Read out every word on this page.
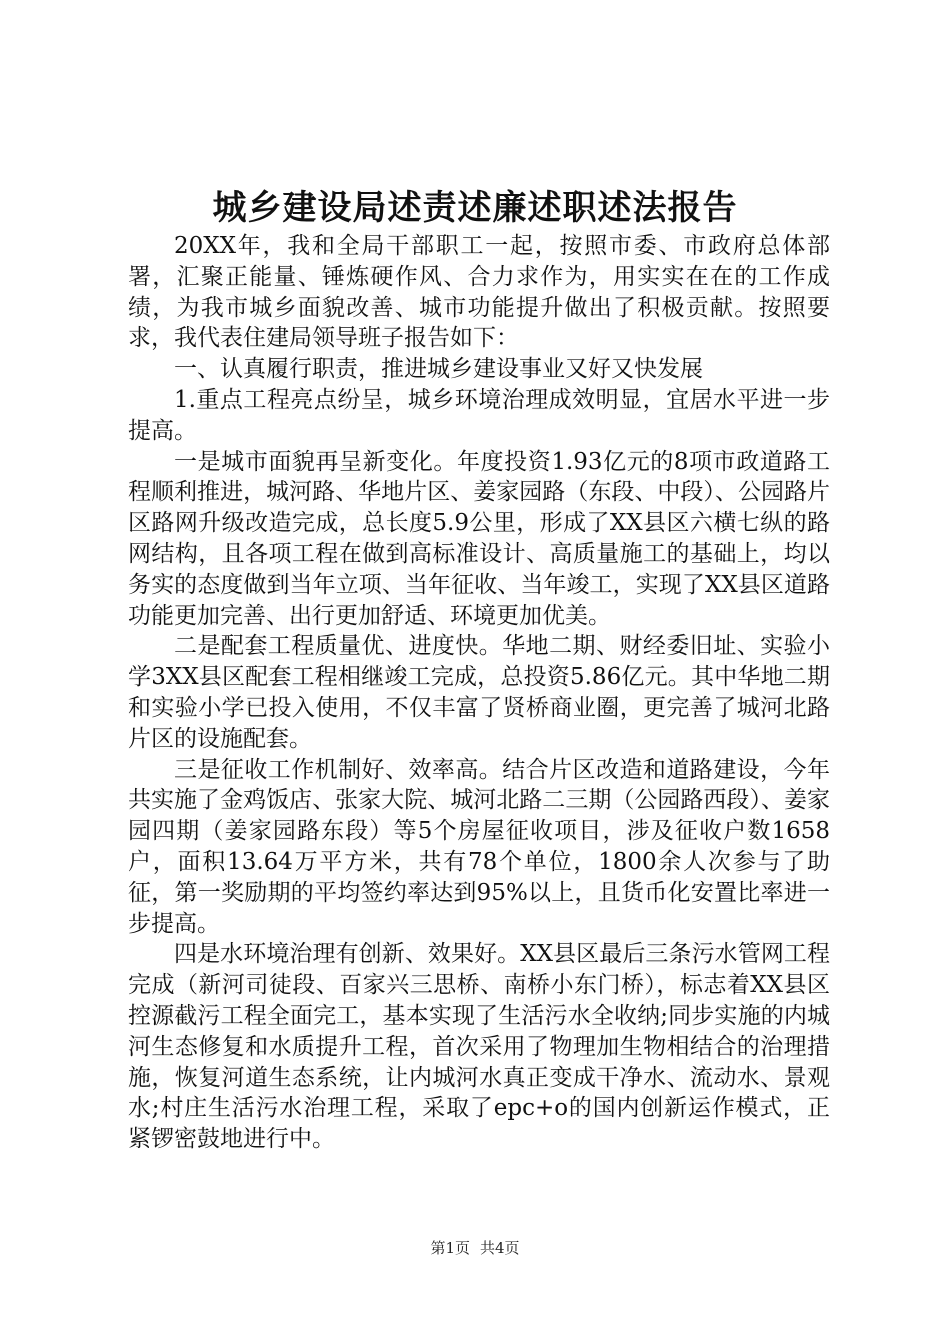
城乡建设局述责述廉述职述法报告

20XX年，我和全局干部职工一起，按照市委、市政府总体部署，汇聚正能量、锤炼硬作风、合力求作为，用实实在在的工作成绩，为我市城乡面貌改善、城市功能提升做出了积极贡献。按照要求，我代表住建局领导班子报告如下：

一、认真履行职责，推进城乡建设事业又好又快发展

1.重点工程亮点纷呈，城乡环境治理成效明显，宜居水平进一步提高。

一是城市面貌再呈新变化。年度投资1.93亿元的8项市政道路工程顺利推进，城河路、华地片区、姜家园路（东段、中段）、公园路片区路网升级改造完成，总长度5.9公里，形成了XX县区六横七纵的路网结构，且各项工程在做到高标准设计、高质量施工的基础上，均以务实的态度做到当年立项、当年征收、当年竣工，实现了XX县区道路功能更加完善、出行更加舒适、环境更加优美。

二是配套工程质量优、进度快。华地二期、财经委旧址、实验小学3XX县区配套工程相继竣工完成，总投资5.86亿元。其中华地二期和实验小学已投入使用，不仅丰富了贤桥商业圈，更完善了城河北路片区的设施配套。

三是征收工作机制好、效率高。结合片区改造和道路建设，今年共实施了金鸡饭店、张家大院、城河北路二三期（公园路西段）、姜家园四期（姜家园路东段）等5个房屋征收项目，涉及征收户数1658户，面积13.64万平方米，共有78个单位，1800余人次参与了助征，第一奖励期的平均签约率达到95%以上，且货币化安置比率进一步提高。

四是水环境治理有创新、效果好。XX县区最后三条污水管网工程完成（新河司徒段、百家兴三思桥、南桥小东门桥），标志着XX县区控源截污工程全面完工，基本实现了生活污水全收纳;同步实施的内城河生态修复和水质提升工程，首次采用了物理加生物相结合的治理措施，恢复河道生态系统，让内城河水真正变成干净水、流动水、景观水;村庄生活污水治理工程，采取了epc+o的国内创新运作模式，正紧锣密鼓地进行中。

第1页 共4页
